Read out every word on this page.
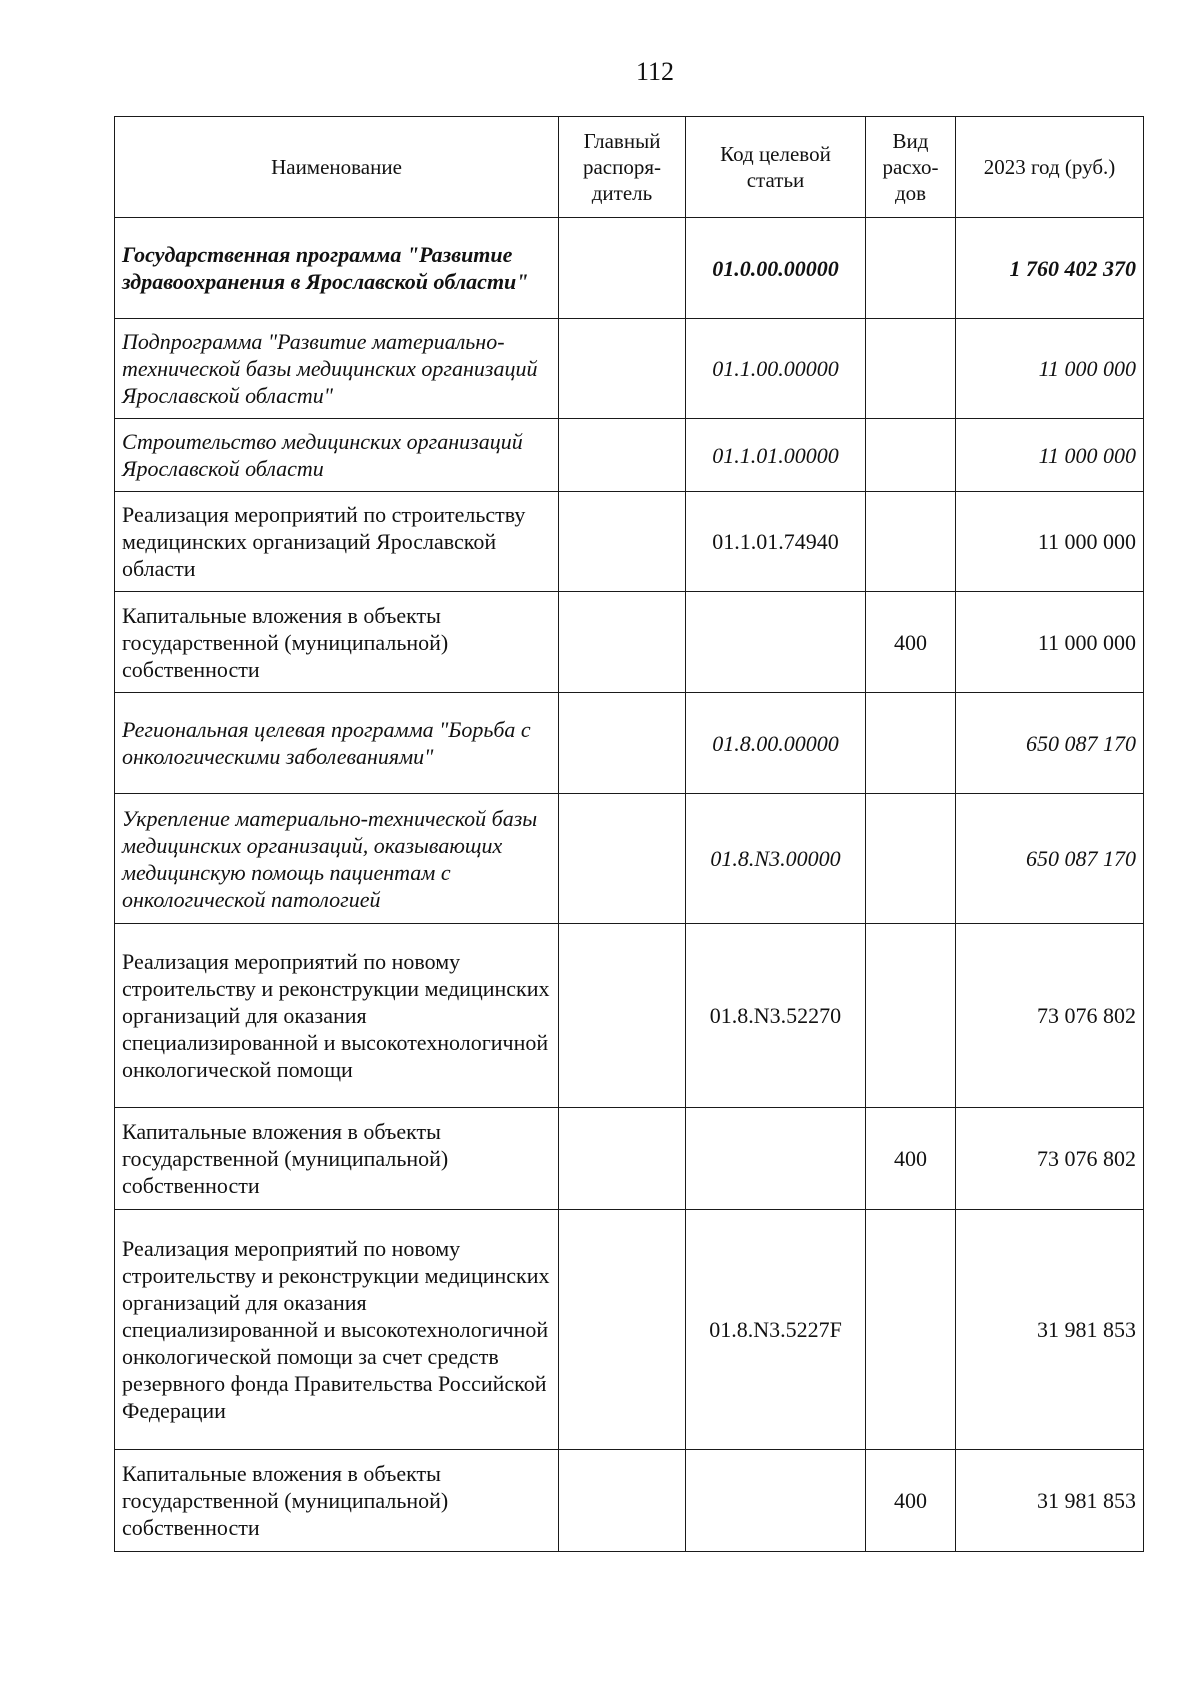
112
Наименование	Главный распоря-дитель	Код целевой статьи	Вид расхо-дов	2023 год (руб.)
Государственная программа "Развитие здравоохранения в Ярославской области"		01.0.00.00000		1 760 402 370
Подпрограмма "Развитие материально-технической базы медицинских организаций Ярославской области"		01.1.00.00000		11 000 000
Строительство медицинских организаций Ярославской области		01.1.01.00000		11 000 000
Реализация мероприятий по строительству медицинских организаций Ярославской области		01.1.01.74940		11 000 000
Капитальные вложения в объекты государственной (муниципальной) собственности			400	11 000 000
Региональная целевая программа "Борьба с онкологическими заболеваниями"		01.8.00.00000		650 087 170
Укрепление материально-технической базы медицинских организаций, оказывающих медицинскую помощь пациентам с онкологической патологией		01.8.N3.00000		650 087 170
Реализация мероприятий по новому строительству и реконструкции медицинских организаций для оказания специализированной и высокотехнологичной онкологической помощи		01.8.N3.52270		73 076 802
Капитальные вложения в объекты государственной (муниципальной) собственности			400	73 076 802
Реализация мероприятий по новому строительству и реконструкции медицинских организаций для оказания специализированной и высокотехнологичной онкологической помощи за счет средств резервного фонда Правительства Российской Федерации		01.8.N3.5227F		31 981 853
Капитальные вложения в объекты государственной (муниципальной) собственности			400	31 981 853
